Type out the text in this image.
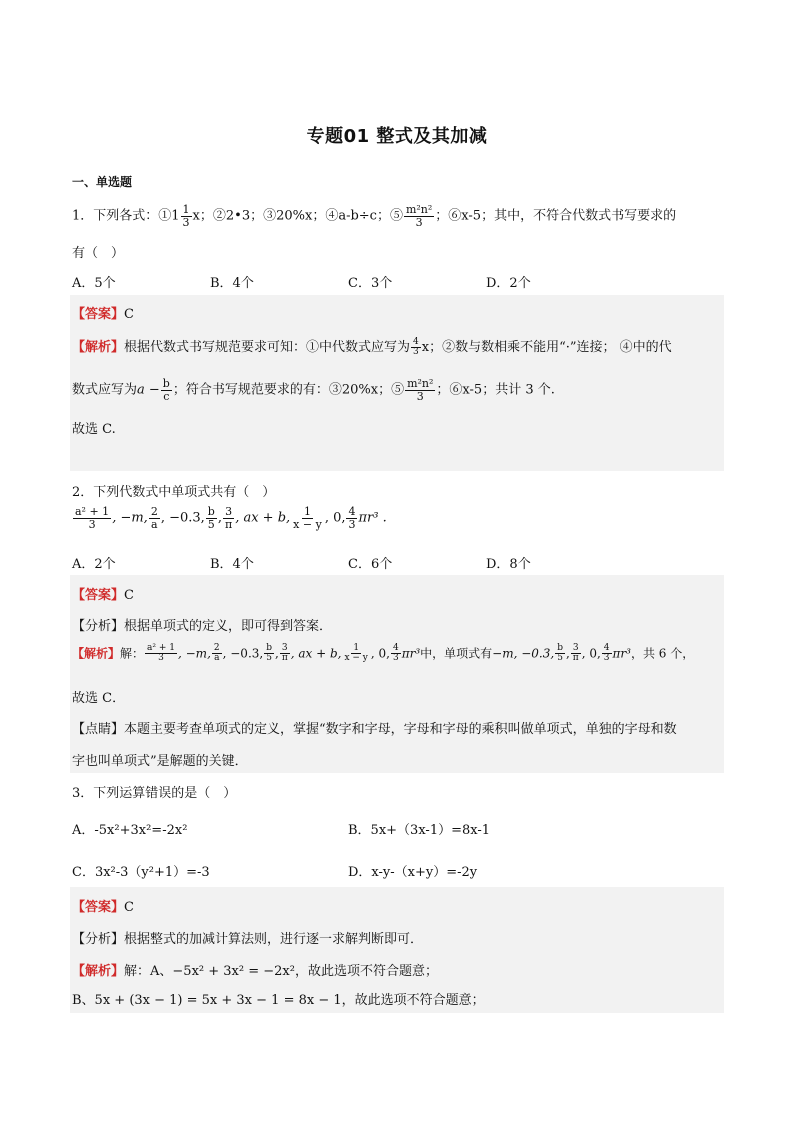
专题01 整式及其加减
一、单选题
1．下列各式：①1 $\frac{1}{3}$ x；②2•3；③20%x；④a-b÷c；⑤ $\frac{\text{m²n²}}{3}$ ；⑥x-5；其中，不符合代数式书写要求的
有（　）
A．5个	B．4个	C．3个	D．2个
【答案】C
【解析】根据代数式书写规范要求可知：①中代数式应写为 $\frac{4}{3}$ x；②数与数相乘不能用“·”连接； ④中的代
数式应写为$a - \frac{b}{c}$ ；符合书写规范要求的有：③20%x；⑤ $\frac{\text{m²n²}}{3}$ ；⑥x-5；共计 3 个.
故选 C.
2．下列代数式中单项式共有（　）
$\frac{\text{a² + 1}}{3}$ , −m, $\frac{2}{a}$ , −0.3, $\frac{b}{5}$ , $\frac{3}{\pi}$ , ax + b, $\frac{1}{x - y}$ , 0, $\frac{4}{3} \pi r^3$ .
A．2个	B．4个	C．6个	D．8个
【答案】C
【分析】根据单项式的定义，即可得到答案．
【解析】解： $\frac{\text{a² + 1}}{3}$ , −m, $\frac{2}{a}$ , −0.3, $\frac{b}{5}$ , $\frac{3}{\pi}$ , ax + b, $\frac{1}{x - y}$ , 0, $\frac{4}{3} \pi r^3$中，单项式有−m, −0.3, $\frac{b}{5}$ , $\frac{3}{\pi}$ , 0, $\frac{4}{3} \pi r^3$，共 6 个，
故选 C．
【点睛】本题主要考查单项式的定义，掌握“数字和字母，字母和字母的乘积叫做单项式，单独的字母和数
字也叫单项式”是解题的关键．
3．下列运算错误的是（　）
A．-5x²+3x²=-2x²	B．5x+（3x-1）=8x-1
C．3x²-3（y²+1）=-3	D．x-y-（x+y）=-2y
【答案】C
【分析】根据整式的加减计算法则，进行逐一求解判断即可．
【解析】解：A、−5x² + 3x² = −2x²，故此选项不符合题意；
B、5x + (3x − 1) = 5x + 3x − 1 = 8x − 1，故此选项不符合题意；
